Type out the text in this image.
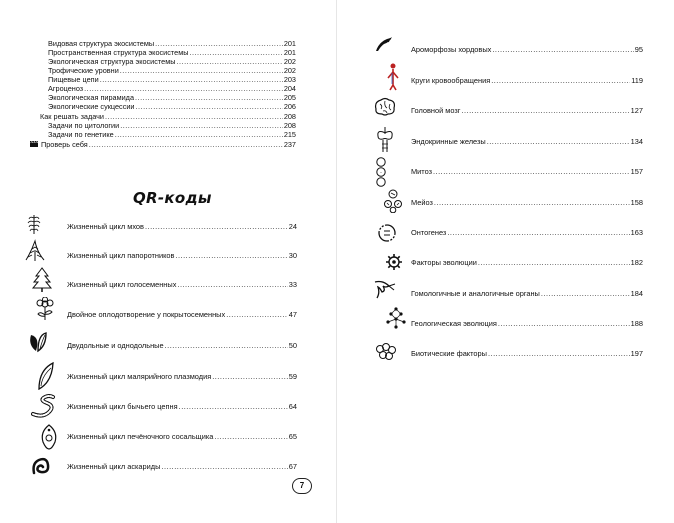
Видовая структура экосистемы .....	201
Пространственная структура экосистемы .....	201
Экологическая структура экосистемы .....	202
Трофические уровни .....	202
Пищевые цепи .....	203
Агроценоз .....	204
Экологическая пирамида .....	205
Экологические сукцессии .....	206
Как решать задачи .....	208
Задачи по цитологии .....	208
Задачи по генетике .....	215
Проверь себя .....	237
QR-коды
Жизненный цикл мхов .....	24
Жизненный цикл папоротников .....	30
Жизненный цикл голосеменных .....	33
Двойное оплодотворение у покрытосеменных .....	47
Двудольные и однодольные .....	50
Жизненный цикл малярийного плазмодия .....	59
Жизненный цикл бычьего цепня .....	64
Жизненный цикл печёночного сосальщика .....	65
Жизненный цикл аскариды .....	67
7
Ароморфозы хордовых .....	95
Круги кровообращения .....	119
Головной мозг .....	127
Эндокринные железы .....	134
Митоз .....	157
Мейоз .....	158
Онтогенез .....	163
Факторы эволюции .....	182
Гомологичные и аналогичные органы .....	184
Геологическая эволюция .....	188
Биотические факторы .....	197
